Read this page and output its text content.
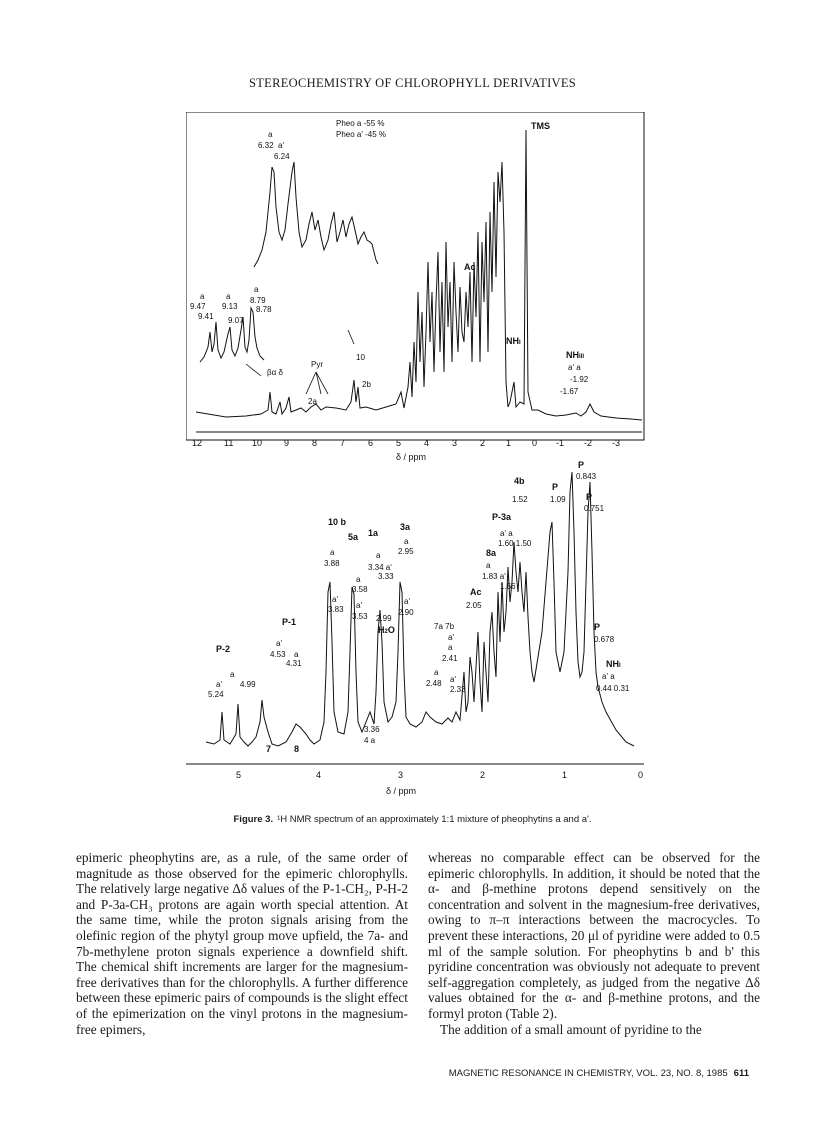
STEREOCHEMISTRY OF CHLOROPHYLL DERIVATIVES
Pheo a -55 %
Pheo a' -45 %
a
6.32 a'
6.24
a	a
a
9.47 9.13
8.79
9.41 9.07
8.78
TMS
Ac
NHI
NHIII
a' a
-1.92
-1.67
10
βα δ
Pyr
2a
2b
12 11 10 9	8	7	6	5	4	3	2 1 0 -1 -2 -3
δ / ppm
P-2
a' 4.99
a
5.24
P-1
a'
4.53 a
4.31
7	8
10 b
a
3.88
a'
3.83
5a 1a
a
3.58
a
3.34 a'
3.33
a'
3.53
3.36
4 a
3a
a
2.95
a'
2.90
2.99
H2O	7a 7b
a'
a
2.41
a
2.48 a'
2.33
Ac
2.05
8a
a
1.83 a'
1.66
P-3a
a' a
1.60 1.50
4b
1.52
P
1.09
P
0.843
P
0.751
P
0.678
NHI
a' a
0.44 0.31
5	4	3	2	1	0
δ / ppm
Figure 3. ¹H NMR spectrum of an approximately 1:1 mixture of pheophytins a and a'.

epimeric pheophytins are, as a rule, of the same order of magnitude as those observed for the epimeric chlorophylls. The relatively large negative Δδ values of the P-1-CH₂, P-H-2 and P-3a-CH₃ protons are again worth special attention. At the same time, while the proton signals arising from the olefinic region of the phytyl group move upfield, the 7a- and 7b-methylene proton signals experience a downfield shift. The chemical shift increments are larger for the magnesium-free derivatives than for the chlorophylls. A further difference between these epimeric pairs of compounds is the slight effect of the epimerization on the vinyl protons in the magnesium-free epimers,

whereas no comparable effect can be observed for the epimeric chlorophylls. In addition, it should be noted that the α- and β-methine protons depend sensitively on the concentration and solvent in the magnesium-free derivatives, owing to π–π interactions between the macrocycles. To prevent these interactions, 20 μl of pyridine were added to 0.5 ml of the sample solution. For pheophytins b and b' this pyridine concentration was obviously not adequate to prevent self-aggregation completely, as judged from the negative Δδ values obtained for the α- and β-methine protons, and the formyl proton (Table 2).

The addition of a small amount of pyridine to the

MAGNETIC RESONANCE IN CHEMISTRY, VOL. 23, NO. 8, 1985 611
